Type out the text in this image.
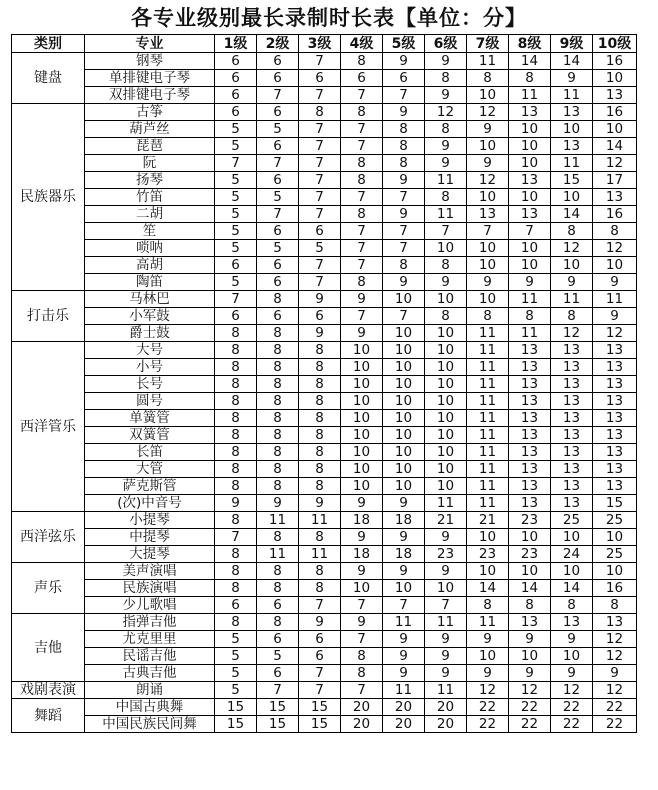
各专业级别最长录制时长表【单位：分】
类别	专业	1级	2级	3级	4级	5级	6级	7级	8级	9级	10级
键盘	钢琴	6	6	7	8	9	9	11	14	14	16
	单排键电子琴	6	6	6	6	6	8	8	8	9	10
	双排键电子琴	6	7	7	7	7	9	10	11	11	13
民族器乐	古筝	6	6	8	8	9	12	12	13	13	16
	葫芦丝	5	5	7	7	8	8	9	10	10	10
	琵琶	5	6	7	7	8	9	10	10	13	14
	阮	7	7	7	8	8	9	9	10	11	12
	扬琴	5	6	7	8	9	11	12	13	15	17
	竹笛	5	5	7	7	7	8	10	10	10	13
	二胡	5	7	7	8	9	11	13	13	14	16
	笙	5	6	6	7	7	7	7	7	8	8
	唢呐	5	5	5	7	7	10	10	10	12	12
	高胡	6	6	7	7	8	8	10	10	10	10
	陶笛	5	6	7	8	9	9	9	9	9	9
打击乐	马林巴	7	8	9	9	10	10	10	11	11	11
	小军鼓	6	6	6	7	7	8	8	8	8	9
	爵士鼓	8	8	9	9	10	10	11	11	12	12
西洋管乐	大号	8	8	8	10	10	10	11	13	13	13
	小号	8	8	8	10	10	10	11	13	13	13
	长号	8	8	8	10	10	10	11	13	13	13
	圆号	8	8	8	10	10	10	11	13	13	13
	单簧管	8	8	8	10	10	10	11	13	13	13
	双簧管	8	8	8	10	10	10	11	13	13	13
	长笛	8	8	8	10	10	10	11	13	13	13
	大管	8	8	8	10	10	10	11	13	13	13
	萨克斯管	8	8	8	10	10	10	11	13	13	13
	(次)中音号	9	9	9	9	9	11	11	13	13	15
西洋弦乐	小提琴	8	11	11	18	18	21	21	23	25	25
	中提琴	7	8	8	9	9	9	10	10	10	10
	大提琴	8	11	11	18	18	23	23	23	24	25
声乐	美声演唱	8	8	8	9	9	9	10	10	10	10
	民族演唱	8	8	8	10	10	10	14	14	14	16
	少儿歌唱	6	6	7	7	7	7	8	8	8	8
吉他	指弹吉他	8	8	9	9	11	11	11	13	13	13
	尤克里里	5	6	6	7	9	9	9	9	9	12
	民谣吉他	5	5	6	8	9	9	10	10	10	12
	古典吉他	5	6	7	8	9	9	9	9	9	9
戏剧表演	朗诵	5	7	7	7	11	11	12	12	12	12
舞蹈	中国古典舞	15	15	15	20	20	20	22	22	22	22
	中国民族民间舞	15	15	15	20	20	20	22	22	22	22
